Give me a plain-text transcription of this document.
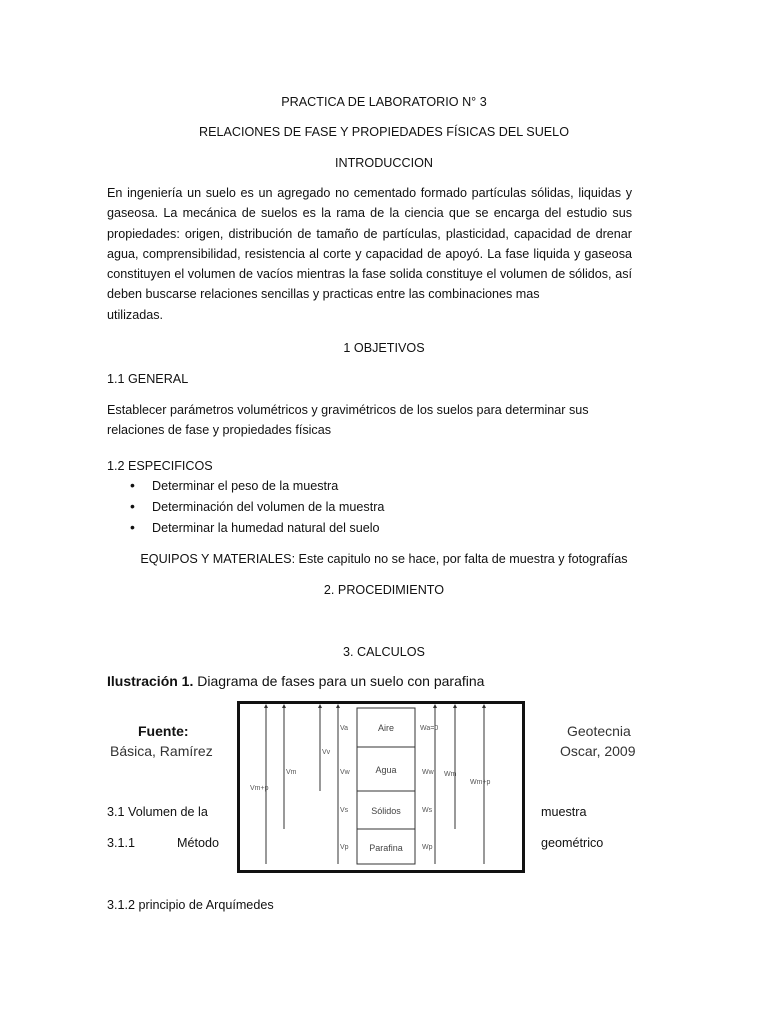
PRACTICA DE LABORATORIO N° 3

RELACIONES DE FASE Y PROPIEDADES FÍSICAS DEL SUELO

INTRODUCCION

En ingeniería un suelo es un agregado no cementado formado partículas sólidas, liquidas y gaseosa. La mecánica de suelos es la rama de la ciencia que se encarga del estudio sus propiedades: origen, distribución de tamaño de partículas, plasticidad, capacidad de drenar agua, comprensibilidad, resistencia al corte y capacidad de apoyó. La fase liquida y gaseosa constituyen el volumen de vacíos mientras la fase solida constituye el volumen de sólidos, así deben buscarse relaciones sencillas y practicas entre las combinaciones mas
utilizadas.

1 OBJETIVOS

1.1 GENERAL

Establecer parámetros volumétricos y gravimétricos de los suelos para determinar sus
relaciones de fase y propiedades físicas

1.2 ESPECIFICOS

• Determinar el peso de la muestra
• Determinación del volumen de la muestra
• Determinar la humedad natural del suelo

EQUIPOS Y MATERIALES: Este capitulo no se hace, por falta de muestra y fotografías

2. PROCEDIMIENTO

3. CALCULOS

Ilustración 1. Diagrama de fases para un suelo con parafina

Fuente:

Básica, Ramírez

Geotecnia

Oscar, 2009

Aire
Agua
Sólidos
Parafina
Va
Vv
Vm
Vm+p
Vw
Vs
Vp
Wa=0
Ww Wm
Wm+p
Ws
Wp

3.1 Volumen de la	muestra

3.1.1	Método	geométrico

3.1.2 principio de Arquímedes
